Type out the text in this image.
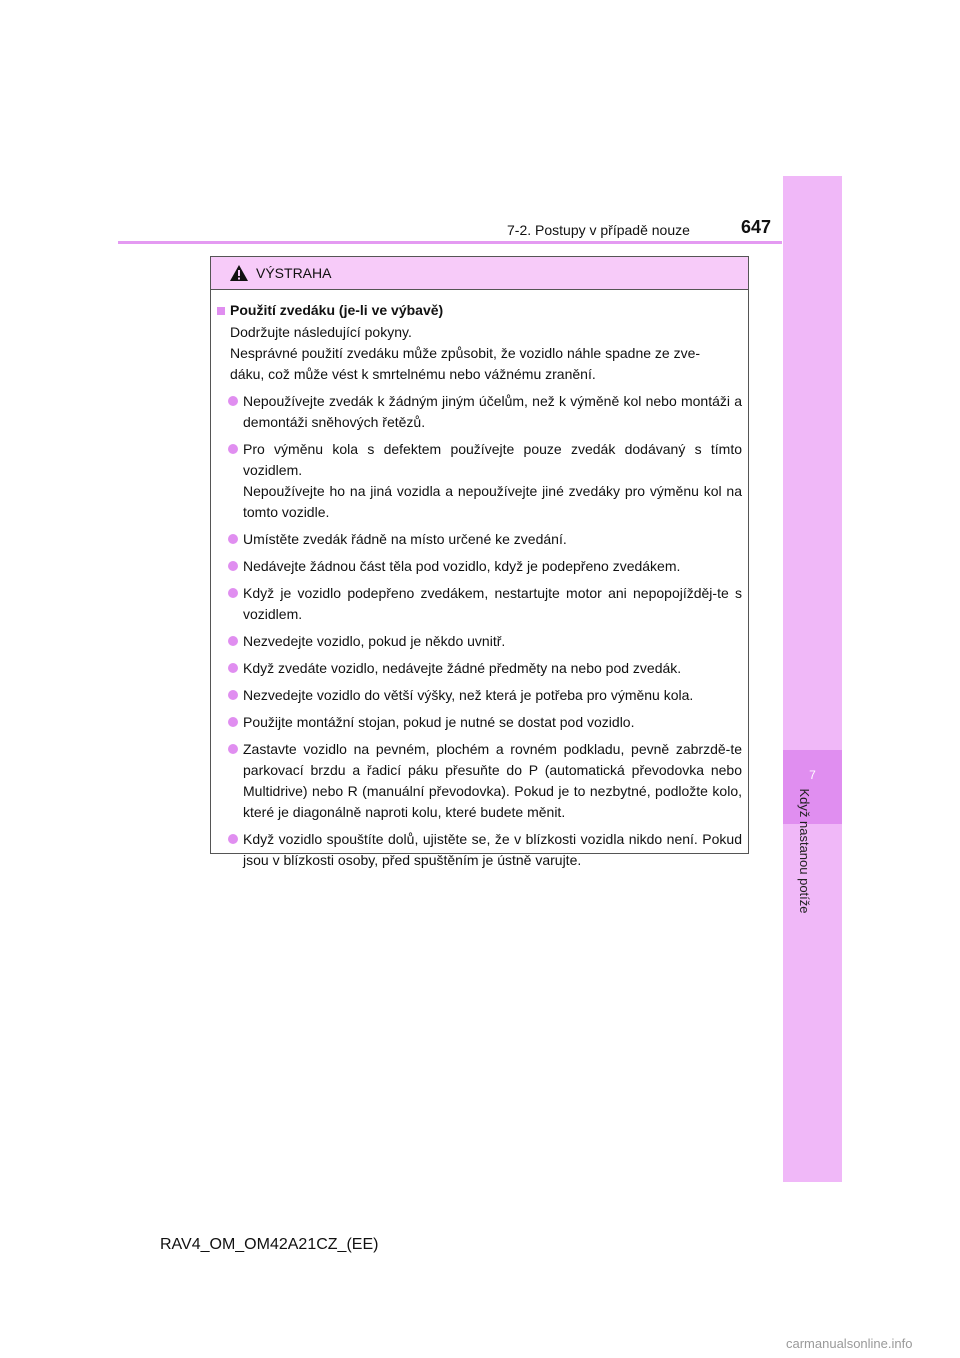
7
Když nastanou potíže
7-2. Postupy v případě nouze	647
VÝSTRAHA
Použití zvedáku (je-li ve výbavě)
Dodržujte následující pokyny.
Nesprávné použití zvedáku může způsobit, že vozidlo náhle spadne ze zve-
dáku, což může vést k smrtelnému nebo vážnému zranění.
Nepoužívejte zvedák k žádným jiným účelům, než k výměně kol nebo montáži a demontáži sněhových řetězů.
Pro výměnu kola s defektem používejte pouze zvedák dodávaný s tímto vozidlem.
Nepoužívejte ho na jiná vozidla a nepoužívejte jiné zvedáky pro výměnu kol na tomto vozidle.
Umístěte zvedák řádně na místo určené ke zvedání.
Nedávejte žádnou část těla pod vozidlo, když je podepřeno zvedákem.
Když je vozidlo podepřeno zvedákem, nestartujte motor ani nepopojížděj-te s vozidlem.
Nezvedejte vozidlo, pokud je někdo uvnitř.
Když zvedáte vozidlo, nedávejte žádné předměty na nebo pod zvedák.
Nezvedejte vozidlo do větší výšky, než která je potřeba pro výměnu kola.
Použijte montážní stojan, pokud je nutné se dostat pod vozidlo.
Zastavte vozidlo na pevném, plochém a rovném podkladu, pevně zabrzdě-te parkovací brzdu a řadicí páku přesuňte do P (automatická převodovka nebo Multidrive) nebo R (manuální převodovka). Pokud je to nezbytné, podložte kolo, které je diagonálně naproti kolu, které budete měnit.
Když vozidlo spouštíte dolů, ujistěte se, že v blízkosti vozidla nikdo není. Pokud jsou v blízkosti osoby, před spuštěním je ústně varujte.
RAV4_OM_OM42A21CZ_(EE)
carmanualsonline.info
